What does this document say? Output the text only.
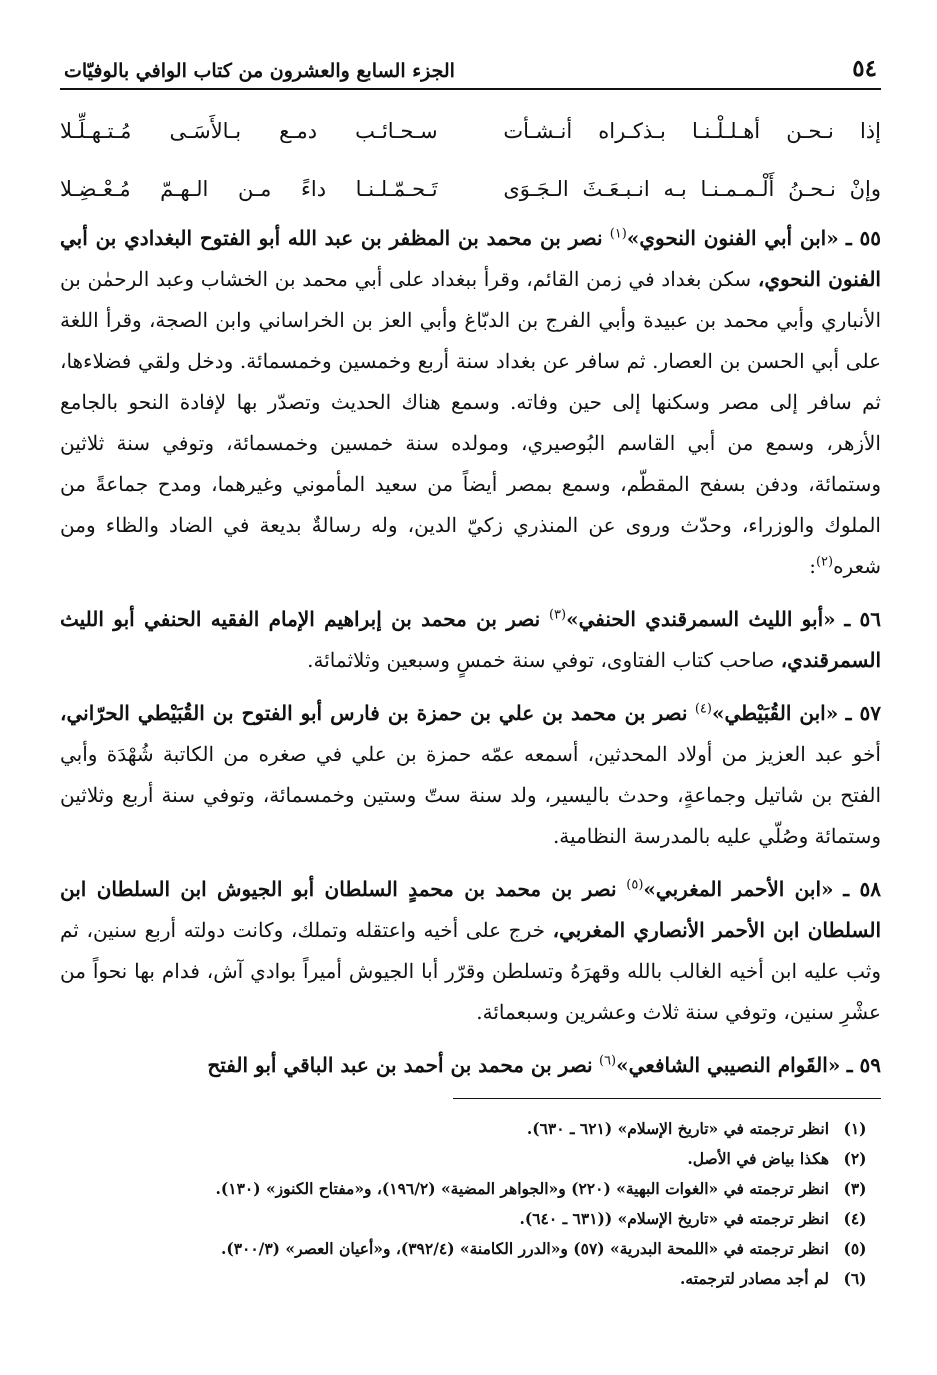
٥٤
الجزء السابع والعشرون من كتاب الوافي بالوفيّات
إذا نـحـن أهـلـلْـنـا بـذكـراه أنـشـأت
سـحـائـب دمـع بـالأَسَـى مُـتـهـلِّـلا
وإنْ نـحـنُ أَلْـمـمـنـا بـه انـبـعَـثَ الـجَـوَى
تَـحـمّـلـنـا داءً مـن الـهـمّ مُـعْـضِـلا

٥٥ ـ «ابن أبي الفنون النحوي»$^{(١)}$ نصر بن محمد بن المظفر بن عبد الله أبو الفتوح البغدادي بن أبي الفنون النحوي، سكن بغداد في زمن القائم، وقرأ ببغداد على أبي محمد بن الخشاب وعبد الرحمٰن بن الأنباري وأبي محمد بن عبيدة وأبي الفرج بن الدبّاغ وأبي العز بن الخراساني وابن الصجة، وقرأ اللغة على أبي الحسن بن العصار. ثم سافر عن بغداد سنة أربع وخمسين وخمسمائة. ودخل ولقي فضلاءها، ثم سافر إلى مصر وسكنها إلى حين وفاته. وسمع هناك الحديث وتصدّر بها لإفادة النحو بالجامع الأزهر، وسمع من أبي القاسم البُوصيري، ومولده سنة خمسين وخمسمائة، وتوفي سنة ثلاثين وستمائة، ودفن بسفح المقطّم، وسمع بمصر أيضاً من سعيد المأموني وغيرهما، ومدح جماعةً من الملوك والوزراء، وحدّث وروى عن المنذري زكيّ الدين، وله رسالةٌ بديعة في الضاد والظاء ومن شعره$^{(٢)}$:

٥٦ ـ «أبو الليث السمرقندي الحنفي»$^{(٣)}$ نصر بن محمد بن إبراهيم الإمام الفقيه الحنفي أبو الليث السمرقندي، صاحب كتاب الفتاوى، توفي سنة خمسٍ وسبعين وثلاثمائة.

٥٧ ـ «ابن القُبَيْطي»$^{(٤)}$ نصر بن محمد بن علي بن حمزة بن فارس أبو الفتوح بن القُبَيْطي الحرّاني، أخو عبد العزيز من أولاد المحدثين، أسمعه عمّه حمزة بن علي في صغره من الكاتبة شُهْدَة وأبي الفتح بن شاتيل وجماعةٍ، وحدث باليسير، ولد سنة ستّ وستين وخمسمائة، وتوفي سنة أربع وثلاثين وستمائة وصُلّي عليه بالمدرسة النظامية.

٥٨ ـ «ابن الأحمر المغربي»$^{(٥)}$ نصر بن محمد بن محمدٍ السلطان أبو الجيوش ابن السلطان ابن السلطان ابن الأحمر الأنصاري المغربي، خرج على أخيه واعتقله وتملك، وكانت دولته أربع سنين، ثم وثب عليه ابن أخيه الغالب بالله وقهرَهُ وتسلطن وقرّر أبا الجيوش أميراً بوادي آش، فدام بها نحواً من عشْرِ سنين، وتوفي سنة ثلاث وعشرين وسبعمائة.

٥٩ ـ «القَوام النصيبي الشافعي»$^{(٦)}$ نصر بن محمد بن أحمد بن عبد الباقي أبو الفتح

(١)
انظر ترجمته في «تاريخ الإسلام» (٦٢١ ـ ٦٣٠).
(٢)
هكذا بياض في الأصل.
(٣)
انظر ترجمته في «الغوات البهية» (٢٢٠) و«الجواهر المضية» (١٩٦/٢)، و«مفتاح الكنوز» (١٣٠).
(٤)
انظر ترجمته في «تاريخ الإسلام» ((٦٣١ ـ ٦٤٠).
(٥)
انظر ترجمته في «اللمحة البدرية» (٥٧) و«الدرر الكامنة» (٣٩٢/٤)، و«أعيان العصر» (٣٠٠/٣).
(٦)
لم أجد مصادر لترجمته.
